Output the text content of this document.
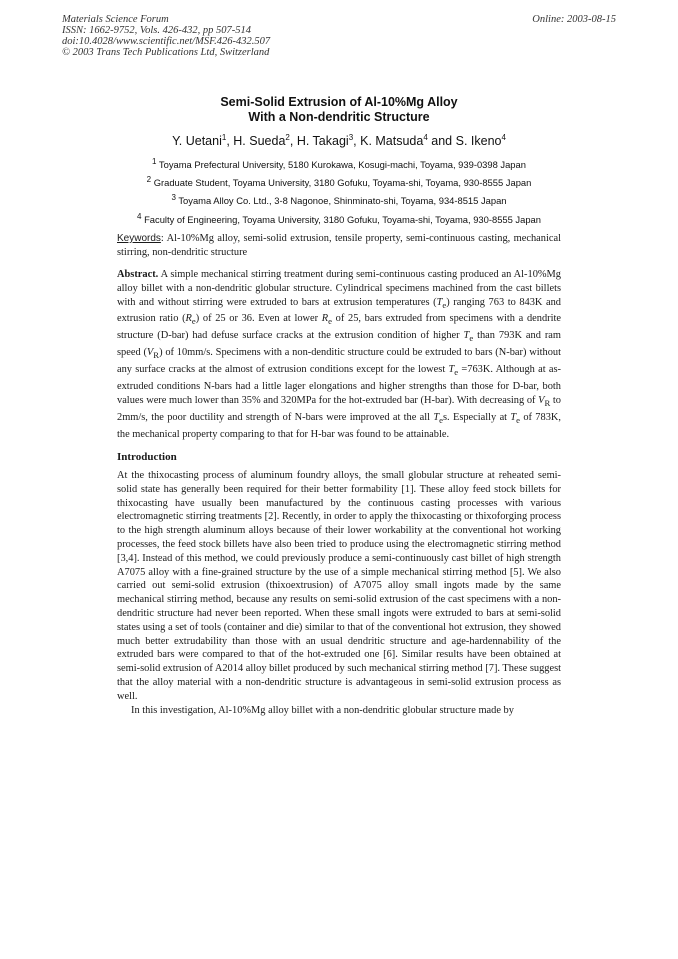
Materials Science Forum
ISSN: 1662-9752, Vols. 426-432, pp 507-514
doi:10.4028/www.scientific.net/MSF.426-432.507
© 2003 Trans Tech Publications Ltd, Switzerland
Online: 2003-08-15
Semi-Solid Extrusion of Al-10%Mg Alloy
With a Non-dendritic Structure
Y. Uetani$^1$, H. Sueda$^2$, H. Takagi$^3$, K. Matsuda$^4$ and S. Ikeno$^4$
$^1$ Toyama Prefectural University, 5180 Kurokawa, Kosugi-machi, Toyama, 939-0398 Japan
$^2$ Graduate Student, Toyama University, 3180 Gofuku, Toyama-shi, Toyama, 930-8555 Japan
$^3$ Toyama Alloy Co. Ltd., 3-8 Nagonoe, Shinminato-shi, Toyama, 934-8515 Japan
$^4$ Faculty of Engineering, Toyama University, 3180 Gofuku, Toyama-shi, Toyama, 930-8555 Japan
Keywords: Al-10%Mg alloy, semi-solid extrusion, tensile property, semi-continuous casting, mechanical stirring, non-dendritic structure
Abstract. A simple mechanical stirring treatment during semi-continuous casting produced an Al-10%Mg alloy billet with a non-dendritic globular structure. Cylindrical specimens machined from the cast billets with and without stirring were extruded to bars at extrusion temperatures $(T_e)$ ranging 763 to 843K and extrusion ratio $(R_e)$ of 25 or 36. Even at lower $R_e$ of 25, bars extruded from specimens with a dendrite structure (D-bar) had defuse surface cracks at the extrusion condition of higher $T_e$ than 793K and ram speed $(V_R)$ of 10mm/s. Specimens with a non-denditic structure could be extruded to bars (N-bar) without any surface cracks at the almost of extrusion conditions except for the lowest $T_e =763K$. Although at as-extruded conditions N-bars had a little lager elongations and higher strengths than those for D-bar, both values were much lower than 35% and 320MPa for the hot-extruded bar (H-bar). With decreasing of $V_R$ to 2mm/s, the poor ductility and strength of N-bars were improved at the all $T_es$. Especially at $T_e$ of 783K, the mechanical property comparing to that for H-bar was found to be attainable.
Introduction

At the thixocasting process of aluminum foundry alloys, the small globular structure at reheated semi-solid state has generally been required for their better formability [1]. These alloy feed stock billets for thixocasting have usually been manufactured by the continuous casting processes with various electromagnetic stirring treatments [2]. Recently, in order to apply the thixocasting or thixoforging process to the high strength aluminum alloys because of their lower workability at the conventional hot working processes, the feed stock billets have also been tried to produce using the electromagnetic stirring method [3,4]. Instead of this method, we could previously produce a semi-continuously cast billet of high strength A7075 alloy with a fine-grained structure by the use of a simple mechanical stirring method [5]. We also carried out semi-solid extrusion (thixoextrusion) of A7075 alloy small ingots made by the same mechanical stirring method, because any results on semi-solid extrusion of the cast specimens with a non-dendritic structure had never been reported. When these small ingots were extruded to bars at semi-solid states using a set of tools (container and die) similar to that of the conventional hot extrusion, they showed much better extrudability than those with an usual dendritic structure and age-hardennability of the extruded bars were compared to that of the hot-extruded one [6]. Similar results have been obtained at semi-solid extrusion of A2014 alloy billet produced by such mechanical stirring method [7]. These suggest that the alloy material with a non-dendritic structure is advantageous in semi-solid extrusion process as well.

In this investigation, Al-10%Mg alloy billet with a non-dendritic globular structure made by
